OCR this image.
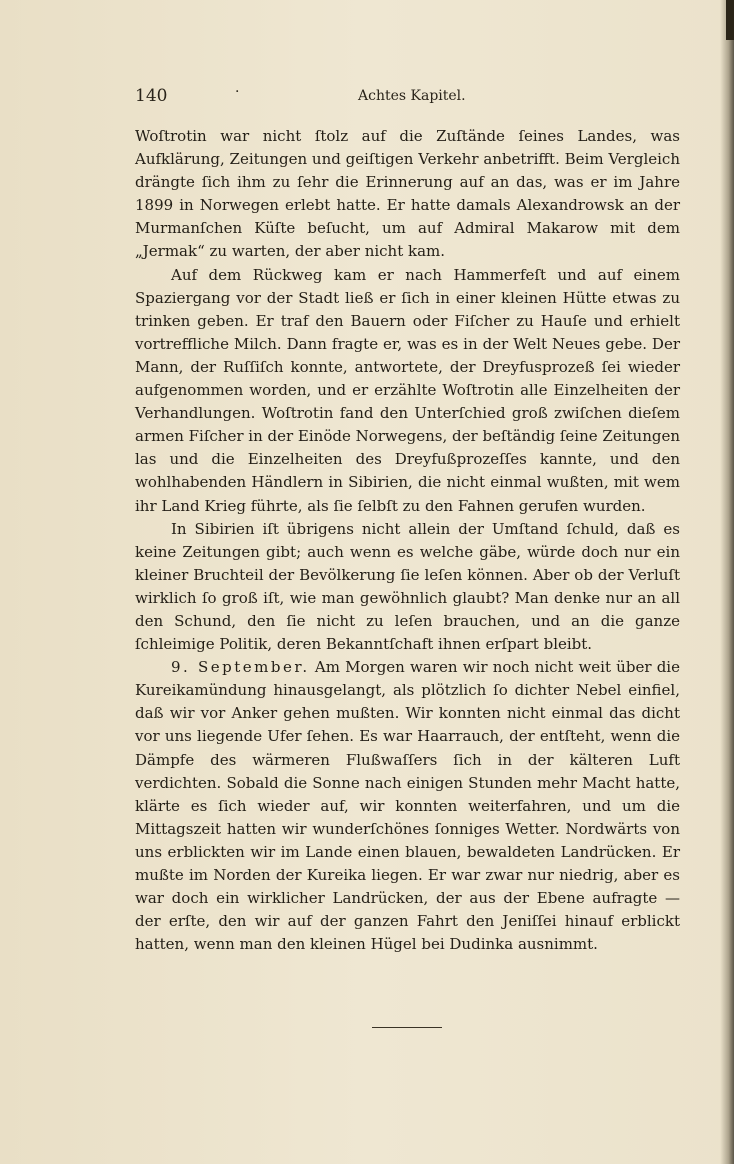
140	·	Achtes Kapitel.

Woſtrotin war nicht ſtolz auf die Zuſtände ſeines Landes, was Aufklärung, Zeitungen und geiſtigen Verkehr anbetrifft. Beim Vergleich drängte ſich ihm zu ſehr die Erinnerung auf an das, was er im Jahre 1899 in Norwegen erlebt hatte. Er hatte damals Alexandrowsk an der Murmanſchen Küſte beſucht, um auf Admiral Makarow mit dem „Jermak“ zu warten, der aber nicht kam.

Auf dem Rückweg kam er nach Hammerfeſt und auf einem Spaziergang vor der Stadt ließ er ſich in einer kleinen Hütte etwas zu trinken geben. Er traf den Bauern oder Fiſcher zu Hauſe und erhielt vortreffliche Milch. Dann fragte er, was es in der Welt Neues gebe. Der Mann, der Ruſſiſch konnte, antwortete, der Dreyfusprozeß ſei wieder aufgenommen worden, und er erzählte Woſtrotin alle Einzelheiten der Verhandlungen. Woſtrotin fand den Unterſchied groß zwiſchen dieſem armen Fiſcher in der Einöde Norwegens, der beſtändig ſeine Zeitungen las und die Einzelheiten des Dreyfußprozeſſes kannte, und den wohlhabenden Händlern in Sibirien, die nicht einmal wußten, mit wem ihr Land Krieg führte, als ſie ſelbſt zu den Fahnen gerufen wurden.

In Sibirien iſt übrigens nicht allein der Umſtand ſchuld, daß es keine Zeitungen gibt; auch wenn es welche gäbe, würde doch nur ein kleiner Bruchteil der Bevölkerung ſie leſen können. Aber ob der Verluſt wirklich ſo groß iſt, wie man gewöhnlich glaubt? Man denke nur an all den Schund, den ſie nicht zu leſen brauchen, und an die ganze ſchleimige Politik, deren Bekanntſchaft ihnen erſpart bleibt.

9. September. Am Morgen waren wir noch nicht weit über die Kureikamündung hinausgelangt, als plötzlich ſo dichter Nebel einfiel, daß wir vor Anker gehen mußten. Wir konnten nicht einmal das dicht vor uns liegende Ufer ſehen. Es war Haarrauch, der entſteht, wenn die Dämpfe des wärmeren Flußwaſſers ſich in der kälteren Luft verdichten. Sobald die Sonne nach einigen Stunden mehr Macht hatte, klärte es ſich wieder auf, wir konnten weiterfahren, und um die Mittagszeit hatten wir wunderſchönes ſonniges Wetter. Nordwärts von uns erblickten wir im Lande einen blauen, bewaldeten Landrücken. Er mußte im Norden der Kureika liegen. Er war zwar nur niedrig, aber es war doch ein wirklicher Landrücken, der aus der Ebene aufragte — der erſte, den wir auf der ganzen Fahrt den Jeniſſei hinauf erblickt hatten, wenn man den kleinen Hügel bei Dudinka ausnimmt.
